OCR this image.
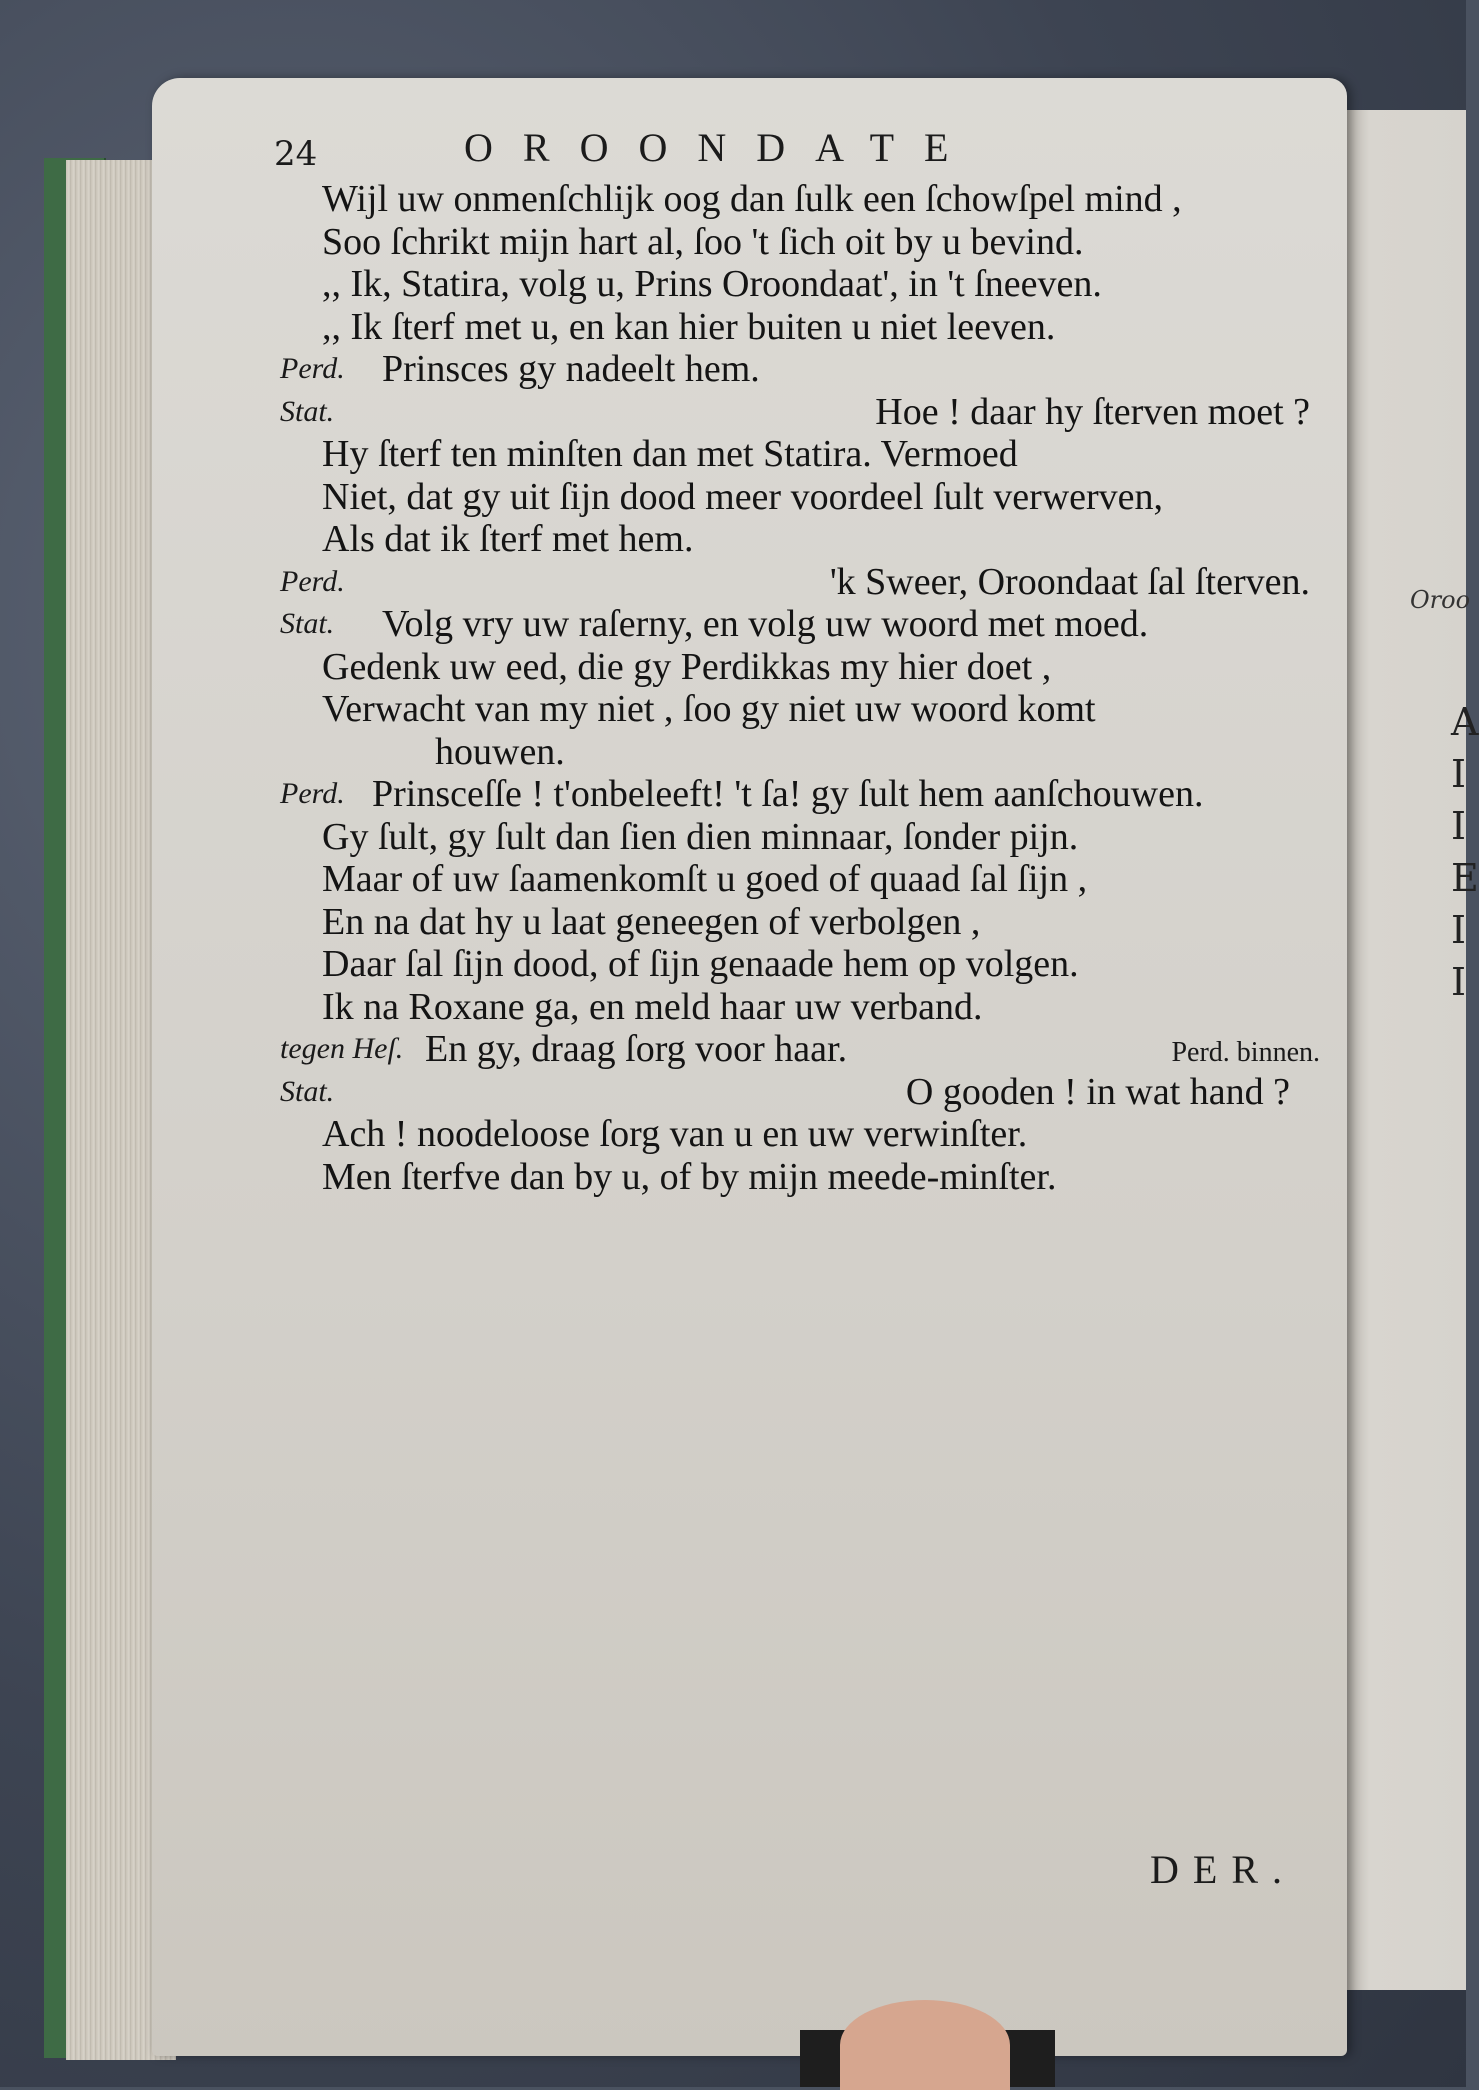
Oroo
A
I
I
E
I
I
24	OROONDATE
Wijl uw onmenſchlijk oog dan ſulk een ſchowſpel mind ,
Soo ſchrikt mijn hart al, ſoo 't ſich oit by u bevind.
,, Ik, Statira, volg u, Prins Oroondaat', in 't ſneeven.
,, Ik ſterf met u, en kan hier buiten u niet leeven.
Perd. Prinsces gy nadeelt hem.
Stat.	Hoe ! daar hy ſterven moet ?
Hy ſterf ten minſten dan met Statira. Vermoed
Niet, dat gy uit ſijn dood meer voordeel ſult verwerven,
Als dat ik ſterf met hem.
Perd.	'k Sweer, Oroondaat ſal ſterven.
Stat. Volg vry uw raſerny, en volg uw woord met moed.
Gedenk uw eed, die gy Perdikkas my hier doet ,
Verwacht van my niet , ſoo gy niet uw woord komt
houwen.
Perd. Prinsceſſe ! t'onbeleeft! 't ſa! gy ſult hem aanſchouwen.
Gy ſult, gy ſult dan ſien dien minnaar, ſonder pijn.
Maar of uw ſaamenkomſt u goed of quaad ſal ſijn ,
En na dat hy u laat geneegen of verbolgen ,
Daar ſal ſijn dood, of ſijn genaade hem op volgen.
Ik na Roxane ga, en meld haar uw verband.
tegen Heſ. En gy, draag ſorg voor haar.	Perd. binnen.
Stat.	O gooden ! in wat hand ?
Ach ! noodeloose ſorg van u en uw verwinſter.
Men ſterfve dan by u, of by mijn meede-minſter.
DER.
